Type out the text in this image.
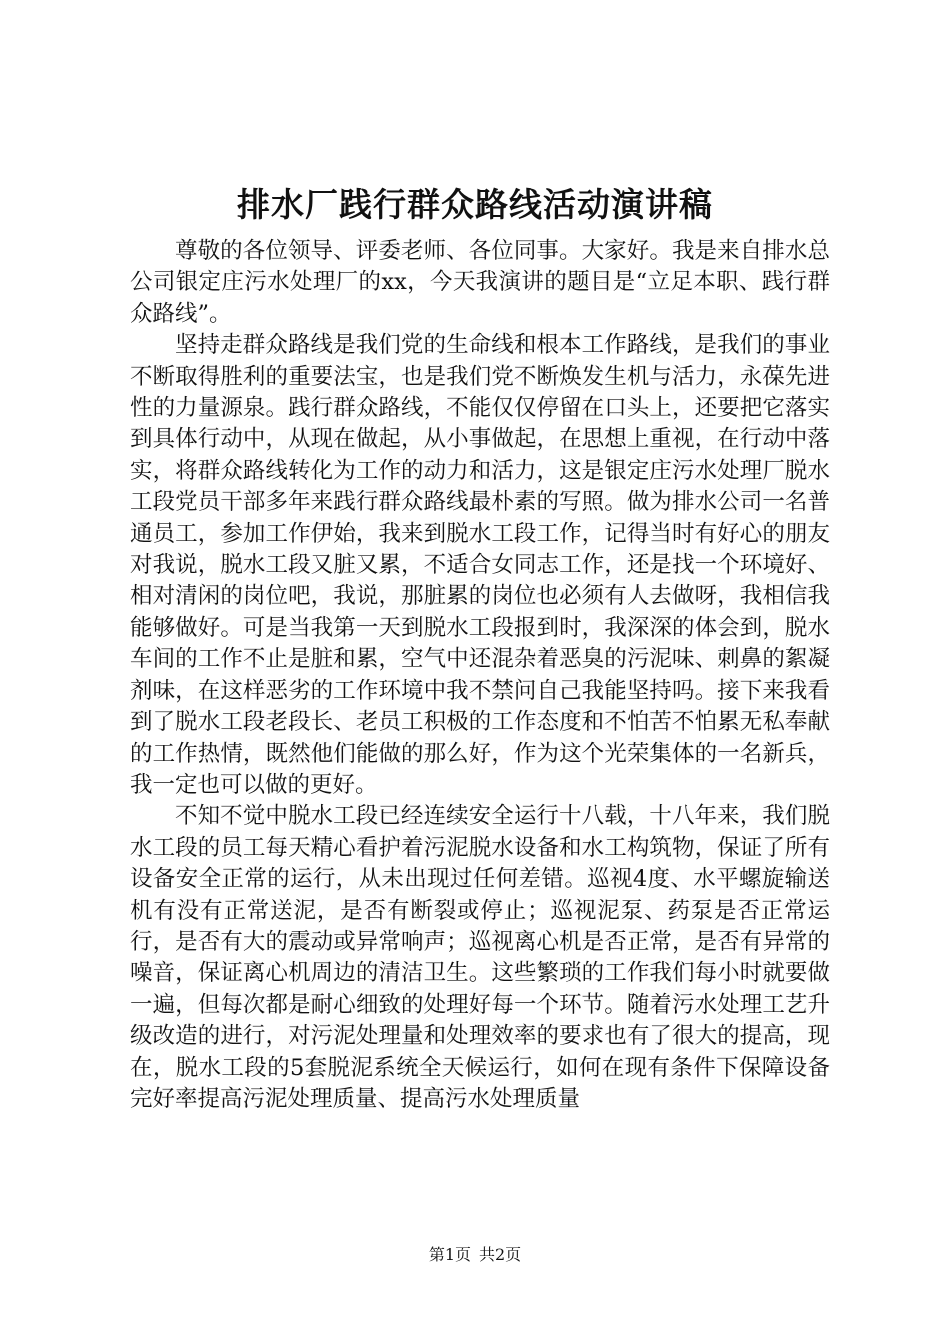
排水厂践行群众路线活动演讲稿

尊敬的各位领导、评委老师、各位同事。大家好。我是来自排水总公司银定庄污水处理厂的xx，今天我演讲的题目是“立足本职、践行群众路线”。

坚持走群众路线是我们党的生命线和根本工作路线，是我们的事业不断取得胜利的重要法宝，也是我们党不断焕发生机与活力，永葆先进性的力量源泉。践行群众路线，不能仅仅停留在口头上，还要把它落实到具体行动中，从现在做起，从小事做起，在思想上重视，在行动中落实，将群众路线转化为工作的动力和活力，这是银定庄污水处理厂脱水工段党员干部多年来践行群众路线最朴素的写照。做为排水公司一名普通员工，参加工作伊始，我来到脱水工段工作，记得当时有好心的朋友对我说，脱水工段又脏又累，不适合女同志工作，还是找一个环境好、相对清闲的岗位吧，我说，那脏累的岗位也必须有人去做呀，我相信我能够做好。可是当我第一天到脱水工段报到时，我深深的体会到，脱水车间的工作不止是脏和累，空气中还混杂着恶臭的污泥味、刺鼻的絮凝剂味，在这样恶劣的工作环境中我不禁问自己我能坚持吗。接下来我看到了脱水工段老段长、老员工积极的工作态度和不怕苦不怕累无私奉献的工作热情，既然他们能做的那么好，作为这个光荣集体的一名新兵，我一定也可以做的更好。

不知不觉中脱水工段已经连续安全运行十八载，十八年来，我们脱水工段的员工每天精心看护着污泥脱水设备和水工构筑物，保证了所有设备安全正常的运行，从未出现过任何差错。巡视4度、水平螺旋输送机有没有正常送泥，是否有断裂或停止；巡视泥泵、药泵是否正常运行，是否有大的震动或异常响声；巡视离心机是否正常，是否有异常的噪音，保证离心机周边的清洁卫生。这些繁琐的工作我们每小时就要做一遍，但每次都是耐心细致的处理好每一个环节。随着污水处理工艺升级改造的进行，对污泥处理量和处理效率的要求也有了很大的提高，现在，脱水工段的5套脱泥系统全天候运行，如何在现有条件下保障设备完好率提高污泥处理质量、提高污水处理质量

第1页 共2页
